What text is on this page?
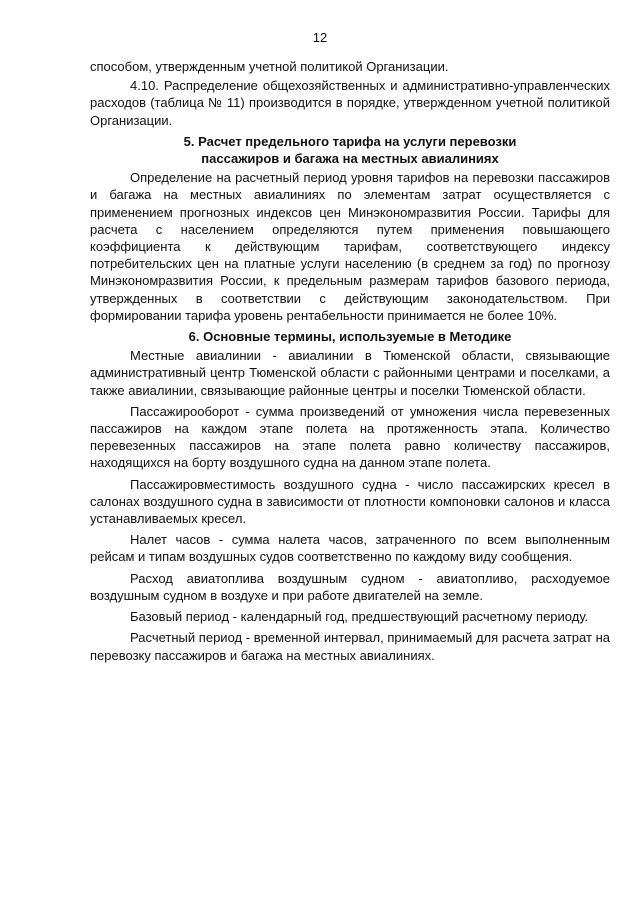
12

способом, утвержденным учетной политикой Организации.

4.10. Распределение общехозяйственных и административно-управленческих расходов (таблица № 11) производится в порядке, утвержденном учетной политикой Организации.

5. Расчет предельного тарифа на услуги перевозки
пассажиров и багажа на местных авиалиниях

Определение на расчетный период уровня тарифов на перевозки пассажиров и багажа на местных авиалиниях по элементам затрат осуществляется с применением прогнозных индексов цен Минэкономразвития России. Тарифы для расчета с населением определяются путем применения повышающего коэффициента к действующим тарифам, соответствующего индексу потребительских цен на платные услуги населению (в среднем за год) по прогнозу Минэкономразвития России, к предельным размерам тарифов базового периода, утвержденных в соответствии с действующим законодательством. При формировании тарифа уровень рентабельности принимается не более 10%.

6. Основные термины, используемые в Методике

Местные авиалинии - авиалинии в Тюменской области, связывающие административный центр Тюменской области с районными центрами и поселками, а также авиалинии, связывающие районные центры и поселки Тюменской области.

Пассажирооборот - сумма произведений от умножения числа перевезенных пассажиров на каждом этапе полета на протяженность этапа. Количество перевезенных пассажиров на этапе полета равно количеству пассажиров, находящихся на борту воздушного судна на данном этапе полета.

Пассажировместимость воздушного судна - число пассажирских кресел в салонах воздушного судна в зависимости от плотности компоновки салонов и класса устанавливаемых кресел.

Налет часов - сумма налета часов, затраченного по всем выполненным рейсам и типам воздушных судов соответственно по каждому виду сообщения.

Расход авиатоплива воздушным судном - авиатопливо, расходуемое воздушным судном в воздухе и при работе двигателей на земле.

Базовый период - календарный год, предшествующий расчетному периоду.

Расчетный период - временной интервал, принимаемый для расчета затрат на перевозку пассажиров и багажа на местных авиалиниях.
